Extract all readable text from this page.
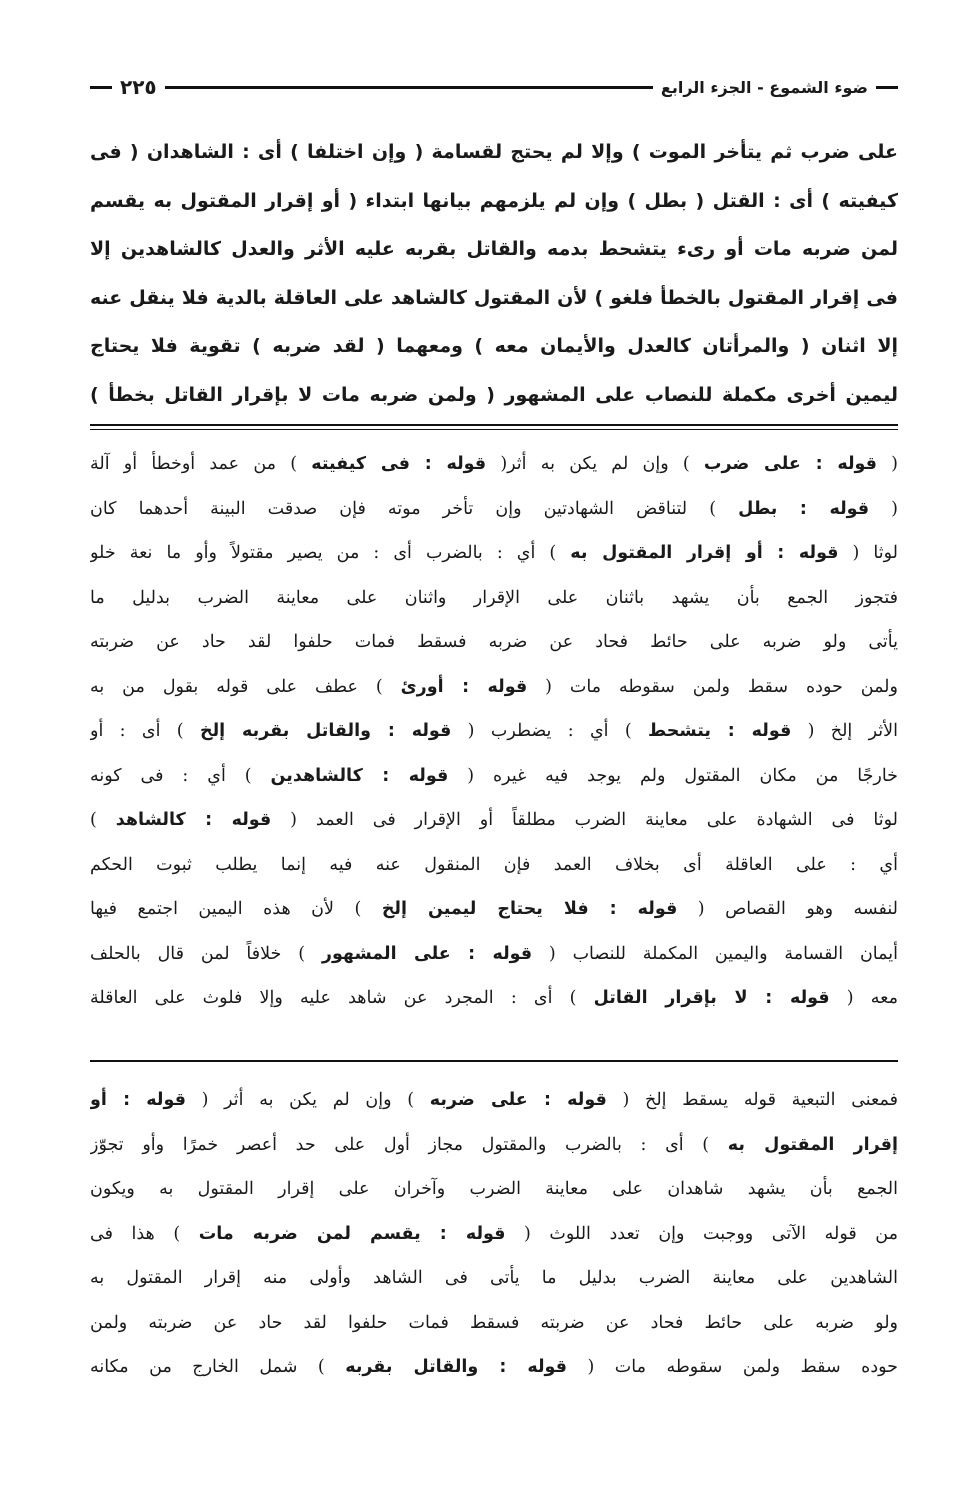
٢٢٥	ضوء الشموع - الجزء الرابع
على ضرب ثم يتأخر الموت ) وإلا لم يحتج لقسامة ( وإن اختلفا ) أى : الشاهدان ( فى
كيفيته ) أى : القتل ( بطل ) وإن لم يلزمهم بيانها ابتداء ( أو إقرار المقتول به يقسم
لمن ضربه مات أو رىء يتشحط بدمه والقاتل بقربه عليه الأثر والعدل كالشاهدين إلا
فى إقرار المقتول بالخطأ فلغو ) لأن المقتول كالشاهد على العاقلة بالدية فلا ينقل عنه
إلا اثنان ( والمرأتان كالعدل والأيمان معه ) ومعهما ( لقد ضربه ) تقوية فلا يحتاج
ليمين أخرى مكملة للنصاب على المشهور ( ولمن ضربه مات لا بإقرار القاتل بخطأ )
( قوله : على ضرب ) وإن لم يكن به أثر( قوله : فى كيفيته ) من عمد أوخطأ أو آلة
( قوله : بطل ) لتناقض الشهادتين وإن تأخر موته فإن صدقت البينة أحدهما كان
لوثا ( قوله : أو إقرار المقتول به ) أي : بالضرب أى : من يصير مقتولاً وأو ما نعة خلو
فتجوز الجمع بأن يشهد باثنان على الإقرار واثنان على معاينة الضرب بدليل ما
يأتى ولو ضربه على حائط فحاد عن ضربه فسقط فمات حلفوا لقد حاد عن ضربته
ولمن حوده سقط ولمن سقوطه مات ( قوله : أورئ ) عطف على قوله بقول من به
الأثر إلخ ( قوله : يتشحط ) أي : يضطرب ( قوله : والقاتل بقربه إلخ ) أى : أو
خارجًا من مكان المقتول ولم يوجد فيه غيره ( قوله : كالشاهدين ) أي : فى كونه
لوثا فى الشهادة على معاينة الضرب مطلقاً أو الإقرار فى العمد ( قوله : كالشاهد )
أي : على العاقلة أى بخلاف العمد فإن المنقول عنه فيه إنما يطلب ثبوت الحكم
لنفسه وهو القصاص ( قوله : فلا يحتاج ليمين إلخ ) لأن هذه اليمين اجتمع فيها
أيمان القسامة واليمين المكملة للنصاب ( قوله : على المشهور ) خلافاً لمن قال بالحلف
معه ( قوله : لا بإقرار القاتل ) أى : المجرد عن شاهد عليه وإلا فلوث على العاقلة
فمعنى التبعية قوله يسقط إلخ ( قوله : على ضربه ) وإن لم يكن به أثر ( قوله : أو
إقرار المقتول به ) أى : بالضرب والمقتول مجاز أول على حد أعصر خمرًا وأو تجوّز
الجمع بأن يشهد شاهدان على معاينة الضرب وآخران على إقرار المقتول به ويكون
من قوله الآتى ووجبت وإن تعدد اللوث ( قوله : يقسم لمن ضربه مات ) هذا فى
الشاهدين على معاينة الضرب بدليل ما يأتى فى الشاهد وأولى منه إقرار المقتول به
ولو ضربه على حائط فحاد عن ضربته فسقط فمات حلفوا لقد حاد عن ضربته ولمن
حوده سقط ولمن سقوطه مات ( قوله : والقاتل بقربه ) شمل الخارج من مكانه
